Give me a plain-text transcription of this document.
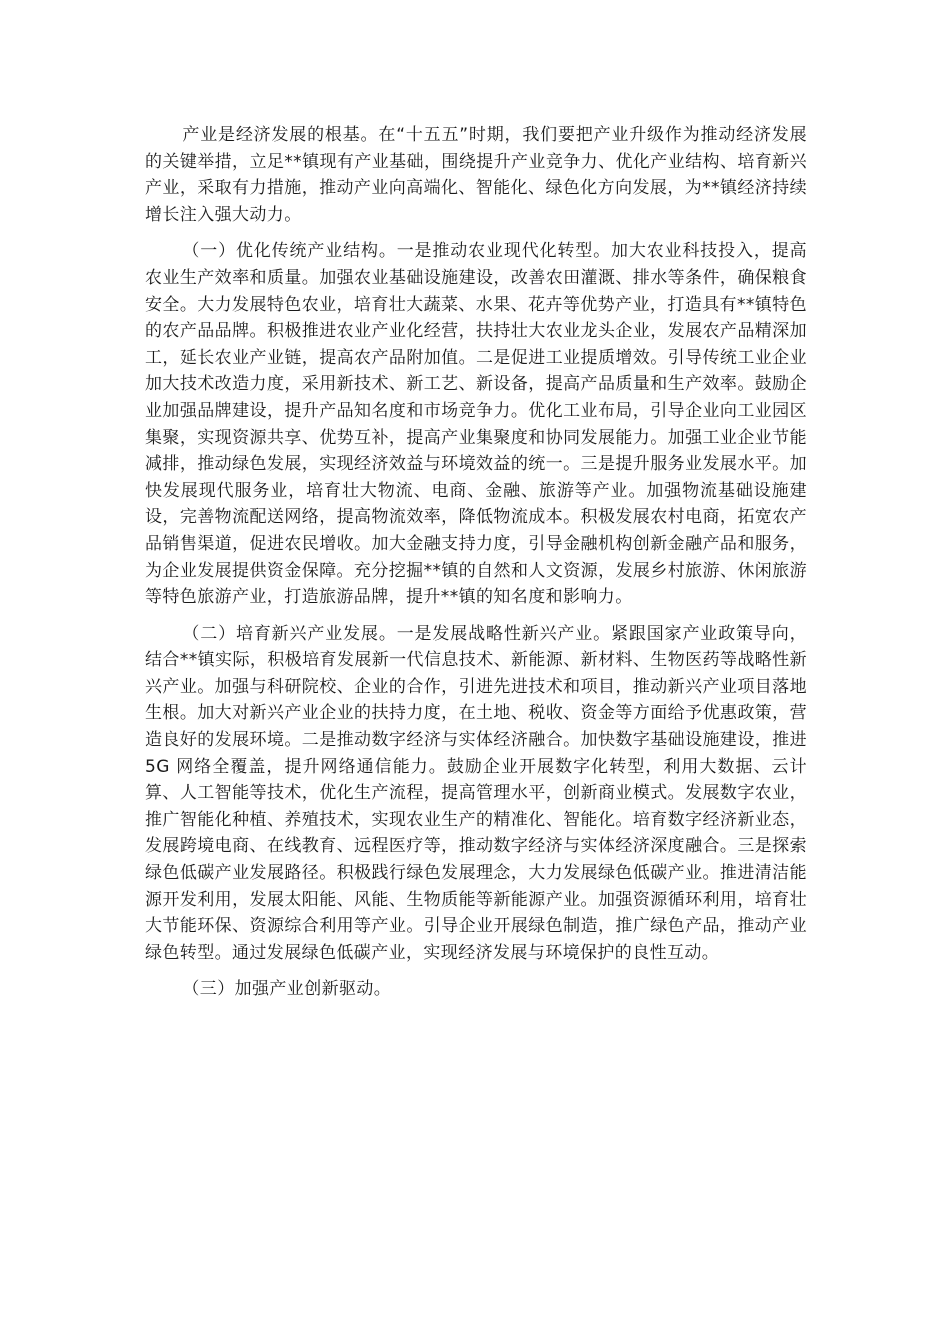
产业是经济发展的根基。在“十五五”时期，我们要把产业升级作为推动经济发展的关键举措，立足**镇现有产业基础，围绕提升产业竞争力、优化产业结构、培育新兴产业，采取有力措施，推动产业向高端化、智能化、绿色化方向发展，为**镇经济持续增长注入强大动力。

（一）优化传统产业结构。一是推动农业现代化转型。加大农业科技投入，提高农业生产效率和质量。加强农业基础设施建设，改善农田灌溉、排水等条件，确保粮食安全。大力发展特色农业，培育壮大蔬菜、水果、花卉等优势产业，打造具有**镇特色的农产品品牌。积极推进农业产业化经营，扶持壮大农业龙头企业，发展农产品精深加工，延长农业产业链，提高农产品附加值。二是促进工业提质增效。引导传统工业企业加大技术改造力度，采用新技术、新工艺、新设备，提高产品质量和生产效率。鼓励企业加强品牌建设，提升产品知名度和市场竞争力。优化工业布局，引导企业向工业园区集聚，实现资源共享、优势互补，提高产业集聚度和协同发展能力。加强工业企业节能减排，推动绿色发展，实现经济效益与环境效益的统一。三是提升服务业发展水平。加快发展现代服务业，培育壮大物流、电商、金融、旅游等产业。加强物流基础设施建设，完善物流配送网络，提高物流效率，降低物流成本。积极发展农村电商，拓宽农产品销售渠道，促进农民增收。加大金融支持力度，引导金融机构创新金融产品和服务，为企业发展提供资金保障。充分挖掘**镇的自然和人文资源，发展乡村旅游、休闲旅游等特色旅游产业，打造旅游品牌，提升**镇的知名度和影响力。

（二）培育新兴产业发展。一是发展战略性新兴产业。紧跟国家产业政策导向，结合**镇实际，积极培育发展新一代信息技术、新能源、新材料、生物医药等战略性新兴产业。加强与科研院校、企业的合作，引进先进技术和项目，推动新兴产业项目落地生根。加大对新兴产业企业的扶持力度，在土地、税收、资金等方面给予优惠政策，营造良好的发展环境。二是推动数字经济与实体经济融合。加快数字基础设施建设，推进 5G 网络全覆盖，提升网络通信能力。鼓励企业开展数字化转型，利用大数据、云计算、人工智能等技术，优化生产流程，提高管理水平，创新商业模式。发展数字农业，推广智能化种植、养殖技术，实现农业生产的精准化、智能化。培育数字经济新业态，发展跨境电商、在线教育、远程医疗等，推动数字经济与实体经济深度融合。三是探索绿色低碳产业发展路径。积极践行绿色发展理念，大力发展绿色低碳产业。推进清洁能源开发利用，发展太阳能、风能、生物质能等新能源产业。加强资源循环利用，培育壮大节能环保、资源综合利用等产业。引导企业开展绿色制造，推广绿色产品，推动产业绿色转型。通过发展绿色低碳产业，实现经济发展与环境保护的良性互动。

（三）加强产业创新驱动。
